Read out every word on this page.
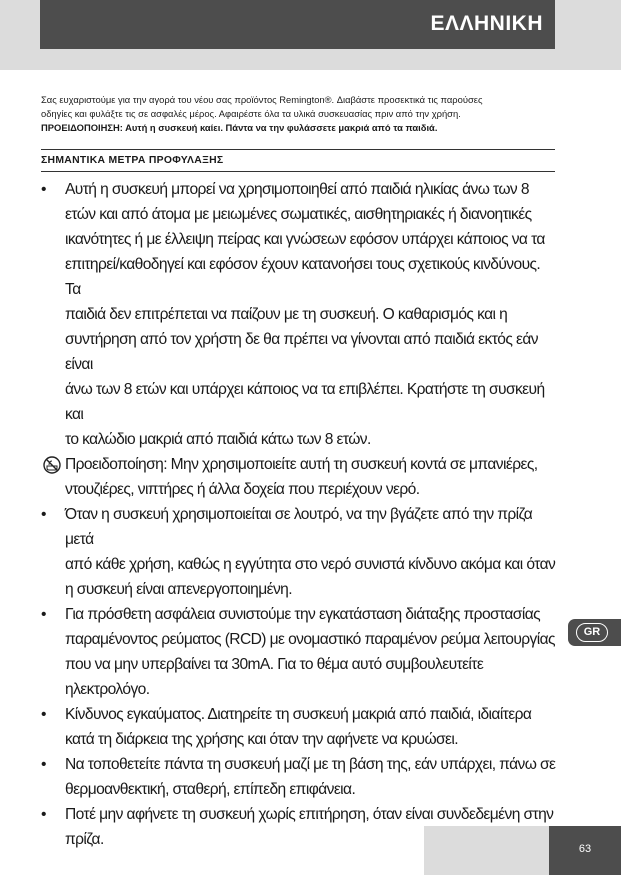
ΕΛΛΗΝΙΚΗ

Σας ευχαριστούμε για την αγορά του νέου σας προϊόντος Remington®. Διαβάστε προσεκτικά τις παρούσες

οδηγίες και φυλάξτε τις σε ασφαλές μέρος. Αφαιρέστε όλα τα υλικά συσκευασίας πριν από την χρήση.

ΠΡΟΕΙΔΟΠΟΙΗΣΗ: Αυτή η συσκευή καίει. Πάντα να την φυλάσσετε μακριά από τα παιδιά.

ΣΗΜΑΝΤΙΚΑ ΜΕΤΡΑ ΠΡΟΦΥΛΑΞΗΣ
•	Αυτή η συσκευή μπορεί να χρησιμοποιηθεί από παιδιά ηλικίας άνω των 8
ετών και από άτομα με μειωμένες σωματικές, αισθητηριακές ή διανοητικές
ικανότητες ή με έλλειψη πείρας και γνώσεων εφόσον υπάρχει κάποιος να τα
επιτηρεί/καθοδηγεί και εφόσον έχουν κατανοήσει τους σχετικούς κινδύνους. Τα
παιδιά δεν επιτρέπεται να παίζουν με τη συσκευή. Ο καθαρισμός και η
συντήρηση από τον χρήστη δε θα πρέπει να γίνονται από παιδιά εκτός εάν είναι
άνω των 8 ετών και υπάρχει κάποιος να τα επιβλέπει. Κρατήστε τη συσκευή και
το καλώδιο μακριά από παιδιά κάτω των 8 ετών.
Προειδοποίηση: Μην χρησιμοποιείτε αυτή τη συσκευή κοντά σε μπανιέρες,
ντουζιέρες, νιπτήρες ή άλλα δοχεία που περιέχουν νερό.
•	Όταν η συσκευή χρησιμοποιείται σε λουτρό, να την βγάζετε από την πρίζα μετά
από κάθε χρήση, καθώς η εγγύτητα στο νερό συνιστά κίνδυνο ακόμα και όταν
η συσκευή είναι απενεργοποιημένη.
•	Για πρόσθετη ασφάλεια συνιστούμε την εγκατάσταση διάταξης προστασίας
παραμένοντος ρεύματος (RCD) με ονομαστικό παραμένον ρεύμα λειτουργίας
που να μην υπερβαίνει τα 30mA. Για το θέμα αυτό συμβουλευτείτε
ηλεκτρολόγο.
•	Κίνδυνος εγκαύματος. Διατηρείτε τη συσκευή μακριά από παιδιά, ιδιαίτερα
κατά τη διάρκεια της χρήσης και όταν την αφήνετε να κρυώσει.
•	Να τοποθετείτε πάντα τη συσκευή μαζί με τη βάση της, εάν υπάρχει, πάνω σε
θερμοανθεκτική, σταθερή, επίπεδη επιφάνεια.
•	Ποτέ μην αφήνετε τη συσκευή χωρίς επιτήρηση, όταν είναι συνδεδεμένη στην
πρίζα.
GR
63
